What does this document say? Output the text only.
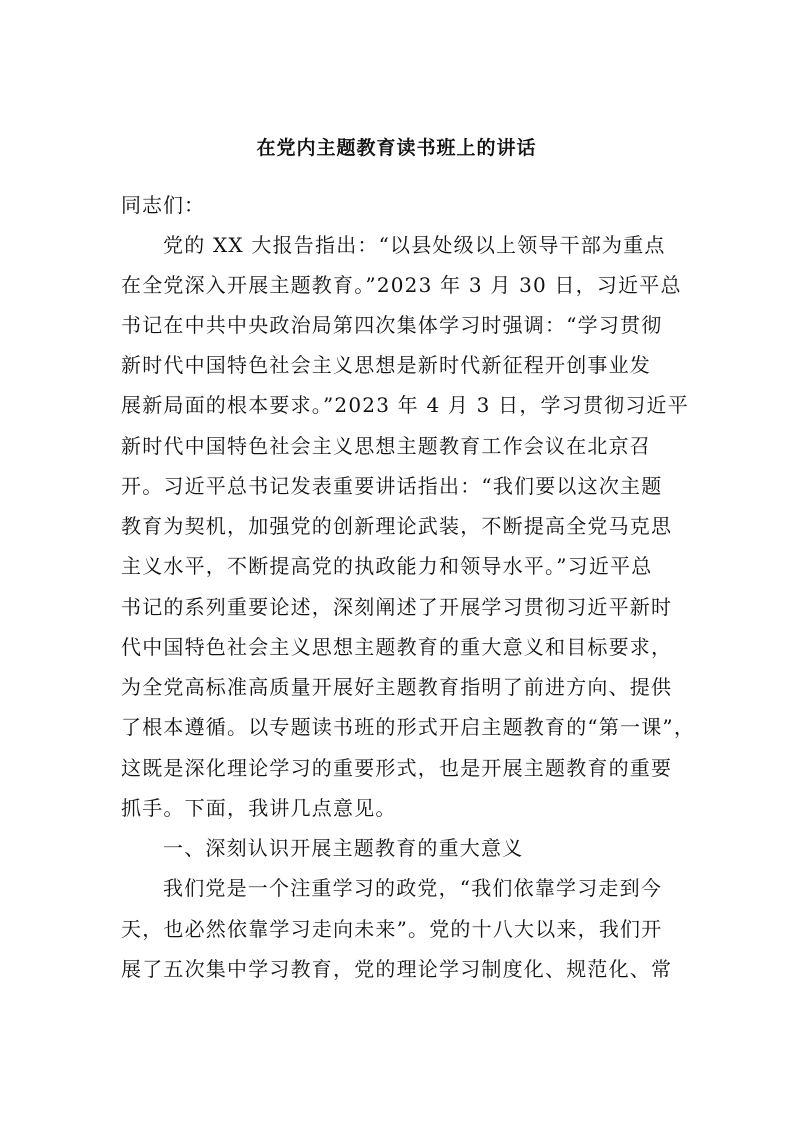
在党内主题教育读书班上的讲话
同志们：
党的 XX 大报告指出：“以县处级以上领导干部为重点
在全党深入开展主题教育。”2023 年 3 月 30 日，习近平总
书记在中共中央政治局第四次集体学习时强调：“学习贯彻
新时代中国特色社会主义思想是新时代新征程开创事业发
展新局面的根本要求。”2023 年 4 月 3 日，学习贯彻习近平
新时代中国特色社会主义思想主题教育工作会议在北京召
开。习近平总书记发表重要讲话指出：“我们要以这次主题
教育为契机，加强党的创新理论武装，不断提高全党马克思
主义水平，不断提高党的执政能力和领导水平。”习近平总
书记的系列重要论述，深刻阐述了开展学习贯彻习近平新时
代中国特色社会主义思想主题教育的重大意义和目标要求，
为全党高标准高质量开展好主题教育指明了前进方向、提供
了根本遵循。以专题读书班的形式开启主题教育的“第一课”，
这既是深化理论学习的重要形式，也是开展主题教育的重要
抓手。下面，我讲几点意见。
一、深刻认识开展主题教育的重大意义
我们党是一个注重学习的政党，“我们依靠学习走到今
天，也必然依靠学习走向未来”。党的十八大以来，我们开
展了五次集中学习教育，党的理论学习制度化、规范化、常
